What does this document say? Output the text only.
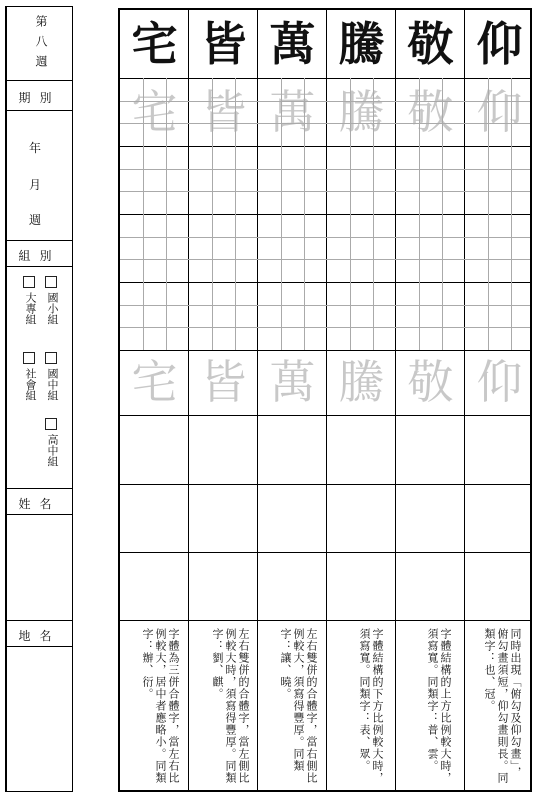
第八週
期別
年
月
週
組別
大專組 國小組
社會組 國中組
高中組
姓名
地名
仰
敬
騰
萬
皆
宅
仰
敬
騰
萬
皆
宅
仰
敬
騰
萬
皆
宅
同時出現「俯勾及仰勾畫」，俯勾畫須短，仰勾畫則長。同類字：也、冠。
字體結構的上方比例較大時，須寫寬。同類字：普、雲。
字體結構的下方比例較大時，須寫寬。同類字：表、眾。
左右雙併的合體字，當右側比例較大，須寫得豐厚。同類字：讓、曉。
左右雙併的合體字，當左側比例較大時，須寫得豐厚。同類字：劉、麒。
字體為三併合體字，當左右比例較大，居中者應略小。同類字：辦、衍。
